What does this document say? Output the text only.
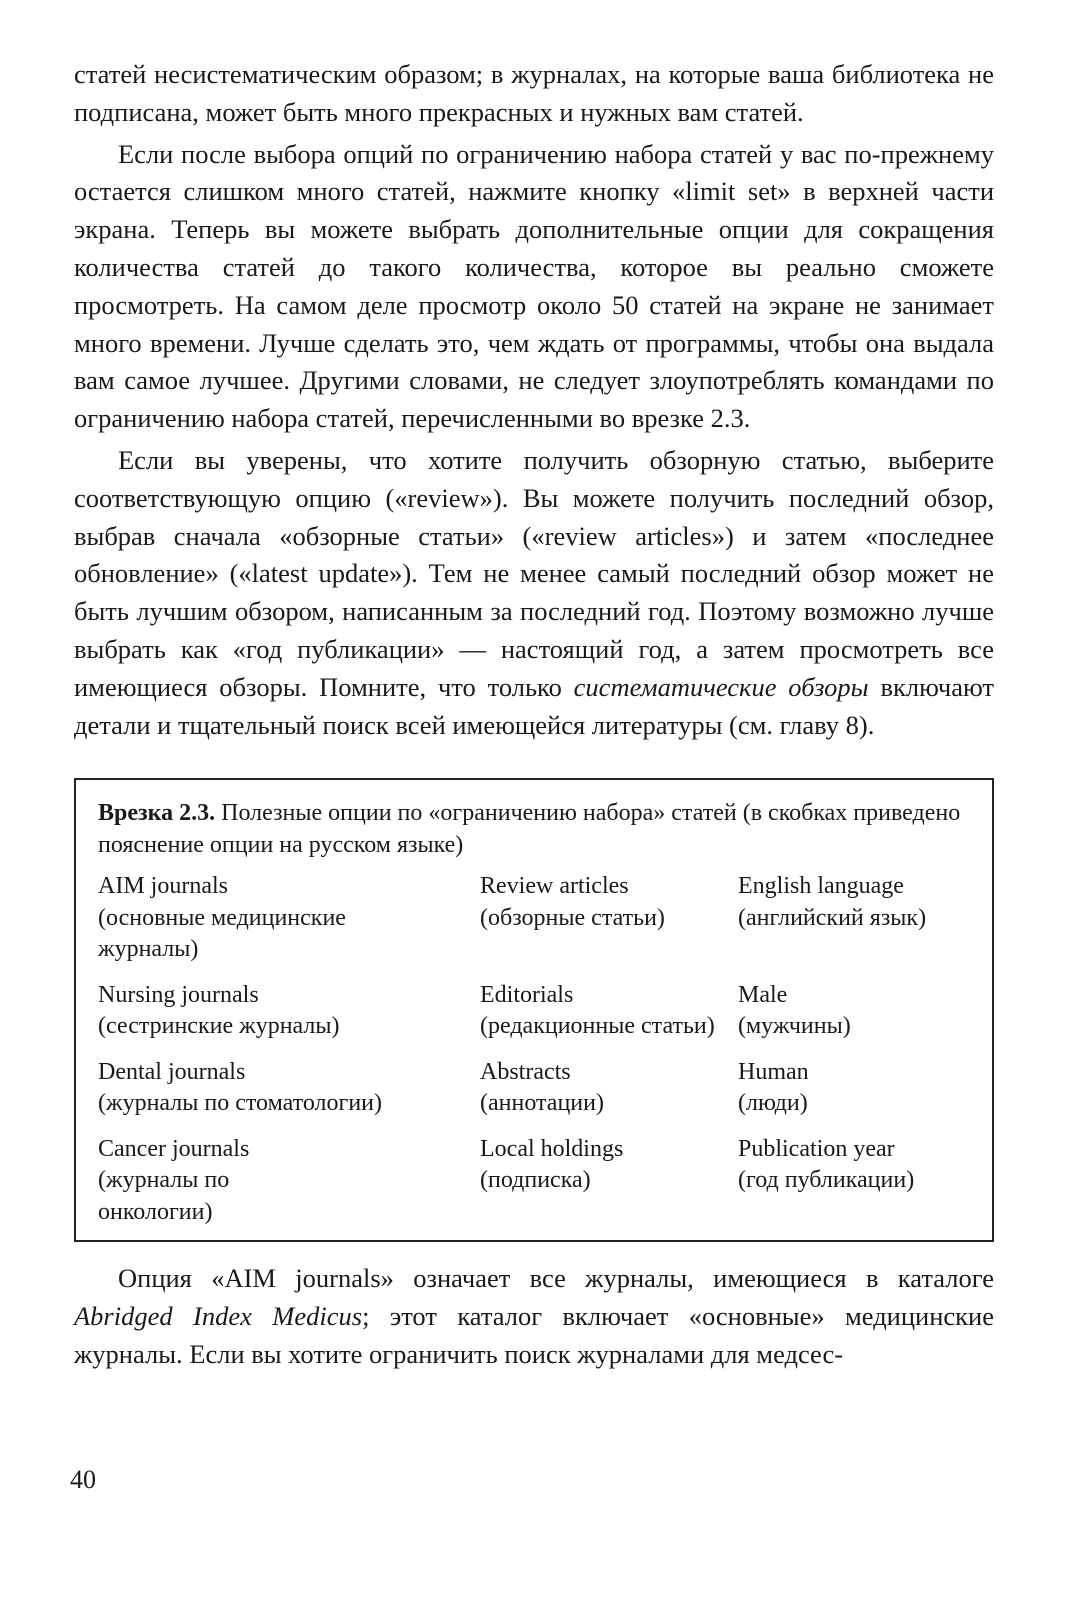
статей несистематическим образом; в журналах, на которые ваша библиотека не подписана, может быть много прекрасных и нужных вам статей.

Если после выбора опций по ограничению набора статей у вас по-прежнему остается слишком много статей, нажмите кнопку «limit set» в верхней части экрана. Теперь вы можете выбрать дополнительные опции для сокращения количества статей до такого количества, которое вы реально сможете просмотреть. На самом деле просмотр около 50 статей на экране не занимает много времени. Лучше сделать это, чем ждать от программы, чтобы она выдала вам самое лучшее. Другими словами, не следует злоупотреблять командами по ограничению набора статей, перечисленными во врезке 2.3.

Если вы уверены, что хотите получить обзорную статью, выберите соответствующую опцию («review»). Вы можете получить последний обзор, выбрав сначала «обзорные статьи» («review articles») и затем «последнее обновление» («latest update»). Тем не менее самый последний обзор может не быть лучшим обзором, написанным за последний год. Поэтому возможно лучше выбрать как «год публикации» — настоящий год, а затем просмотреть все имеющиеся обзоры. Помните, что только систематические обзоры включают детали и тщательный поиск всей имеющейся литературы (см. главу 8).

Врезка 2.3. Полезные опции по «ограничению набора» статей (в скобках приведено пояснение опции на русском языке)

AIM journals
(основные медицинские журналы)
Review articles
(обзорные статьи)
English language
(английский язык)
Nursing journals
(сестринские журналы)
Editorials
(редакционные статьи)
Male
(мужчины)
Dental journals
(журналы по стоматологии)
Abstracts
(аннотации)
Human
(люди)
Cancer journals
(журналы по онкологии)
Local holdings
(подписка)
Publication year
(год публикации)

Опция «AIM journals» означает все журналы, имеющиеся в каталоге Abridged Index Medicus; этот каталог включает «основные» медицинские журналы. Если вы хотите ограничить поиск журналами для медсес-

40
